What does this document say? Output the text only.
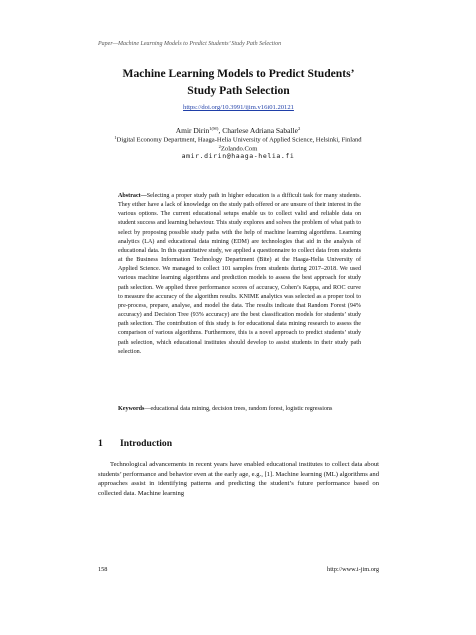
Paper—Machine Learning Models to Predict Students’ Study Path Selection
Machine Learning Models to Predict Students’
Study Path Selection
https://doi.org/10.3991/ijim.v16i01.20121
Amir Dirin$^{1(✉)}$, Charlese Adriana Saballe$^2$
$^1$Digital Economy Department, Haaga-Helia University of Applied Science, Helsinki, Finland
$^2$Zolando.Com
amir.dirin@haaga-helia.fi
Abstract—Selecting a proper study path in higher education is a difficult task for many students. They either have a lack of knowledge on the study path offered or are unsure of their interest in the various options. The current educational setups enable us to collect valid and reliable data on student success and learning behaviour. This study explores and solves the problem of what path to select by proposing possible study paths with the help of machine learning algorithms. Learning analytics (LA) and educational data mining (EDM) are technologies that aid in the analysis of educational data. In this quantitative study, we applied a questionnaire to collect data from students at the Business Information Technology Department (Bite) at the Haaga-Helia University of Applied Science. We managed to collect 101 samples from students during 2017–2018. We used various machine learning algorithms and prediction models to assess the best approach for study path selection. We applied three performance scores of accuracy, Cohen’s Kappa, and ROC curve to measure the accuracy of the algorithm results. KNIME analytics was selected as a proper tool to pre-process, prepare, analyse, and model the data. The results indicate that Random Forest (94% accuracy) and Decision Tree (93% accuracy) are the best classification models for students’ study path selection. The contribution of this study is for educational data mining research to assess the comparison of various algorithms. Furthermore, this is a novel approach to predict students’ study path selection, which educational institutes should develop to assist students in their study path selection.
Keywords—educational data mining, decision trees, random forest, logistic regressions
1 Introduction
Technological advancements in recent years have enabled educational institutes to collect data about students’ performance and behavior even at the early age, e.g., [1]. Machine learning (ML) algorithms and approaches assist in identifying patterns and predicting the student’s future performance based on collected data. Machine learning
158	http://www.i-jim.org
